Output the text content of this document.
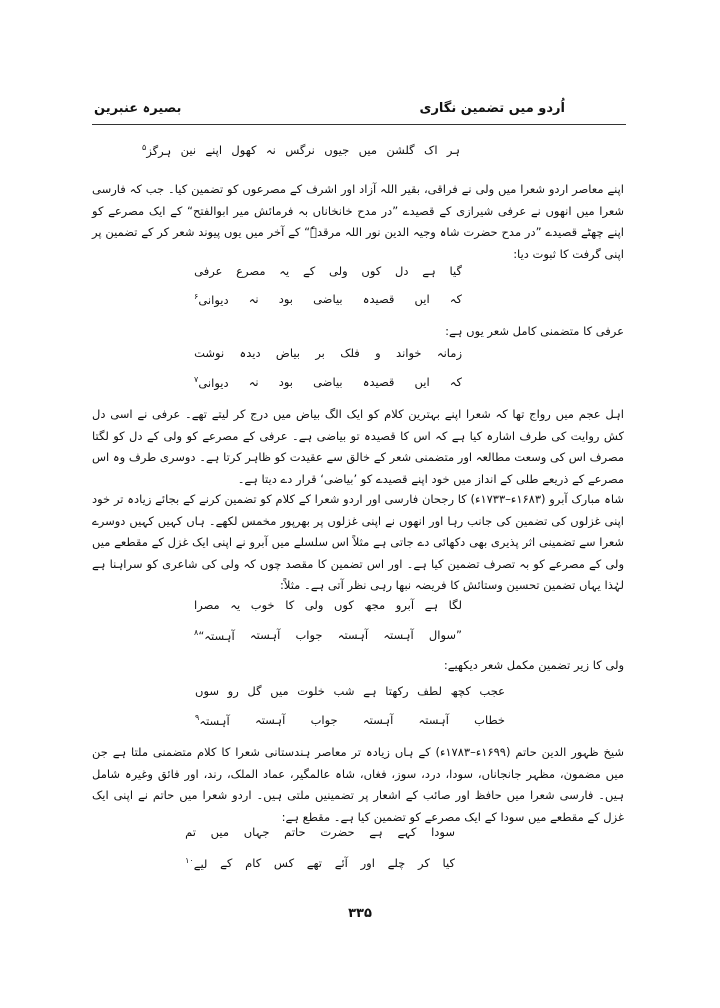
بصیرہ عنبرین	اُردو میں تضمین نگاری
ہر
اک
گلشن
میں
جیوں
نرگس
نہ
کھول
اپنے
نین
ہرگز۵
اپنے معاصر اردو شعرا میں ولی نے فراقی، بقیر اللہ آزاد اور اشرف کے مصرعوں کو تضمین کیا۔ جب کہ فارسی شعرا میں انھوں نے عرفی شیرازی کے قصیدے ”در مدح خانخاناں بہ فرمائش میر ابوالفتح“ کے ایک مصرعے کو اپنے چھٹے قصیدے ”در مدح حضرت شاہ وجیہ الدین نور اللہ مرقدہٗ“ کے آخر میں یوں پیوند شعر کر کے تضمین پر اپنی گرفت کا ثبوت دیا:
گیا
ہے
دل
کوں
ولی
کے
یہ
مصرع
عرفی
کہ
ایں
قصیدہ
بیاضی
بود
نہ
دیوانی۶
عرفی کا متضمنی کامل شعر یوں ہے:
زمانہ
خواند
و
فلک
بر
بیاض
دیدہ
نوشت
کہ
ایں
قصیدہ
بیاضی
بود
نہ
دیوانی۷
اہل عجم میں رواج تھا کہ شعرا اپنے بہترین کلام کو ایک الگ بیاض میں درج کر لیتے تھے۔ عرفی نے اسی دل کش روایت کی طرف اشارہ کیا ہے کہ اس کا قصیدہ تو بیاضی ہے۔ عرفی کے مصرعے کو ولی کے دل کو لگتا مصرف اس کی وسعت مطالعہ اور متضمنی شعر کے خالق سے عقیدت کو ظاہر کرتا ہے۔ دوسری طرف وہ اس مصرعے کے ذریعے طلی کے انداز میں خود اپنے قصیدے کو ’بیاضی‘ قرار دے دیتا ہے۔
شاہ مبارک آبرو (۱۶۸۳ء–۱۷۳۳ء) کا رجحان فارسی اور اردو شعرا کے کلام کو تضمین کرنے کے بجائے زیادہ تر خود اپنی غزلوں کی تضمین کی جانب رہا اور انھوں نے اپنی غزلوں پر بھرپور مخمس لکھے۔ ہاں کہیں کہیں دوسرے شعرا سے تضمینی اثر پذیری بھی دکھائی دے جاتی ہے مثلاً اس سلسلے میں آبرو نے اپنی ایک غزل کے مقطعے میں ولی کے مصرعے کو بہ تصرف تضمین کیا ہے۔ اور اس تضمین کا مقصد چوں کہ ولی کی شاعری کو سراہنا ہے لہٰذا یہاں تضمین تحسین وستائش کا فریضہ نبھا رہی نظر آتی ہے۔ مثلاً:
لگا
ہے
آبرو
مجھ
کوں
ولی
کا
خوب
یہ
مصرا
”سوال
آہستہ
آہستہ
جواب
آہستہ
آہستہ“۸
ولی کا زیر تضمین مکمل شعر دیکھیے:
عجب
کچھ
لطف
رکھتا
ہے
شب
خلوت
میں
گل
رو
سوں
خطاب
آہستہ
آہستہ
جواب
آہستہ
آہستہ۹
شیخ ظہور الدین حاتم (۱۶۹۹ء–۱۷۸۳ء) کے ہاں زیادہ تر معاصر ہندستانی شعرا کا کلام متضمنی ملتا ہے جن میں مضمون، مظہر جانجاناں، سودا، درد، سوز، فغاں، شاہ عالمگیر، عماد الملک، رند، اور فائق وغیرہ شامل ہیں۔ فارسی شعرا میں حافظ اور صائب کے اشعار پر تضمینیں ملتی ہیں۔ اردو شعرا میں حاتم نے اپنی ایک غزل کے مقطعے میں سودا کے ایک مصرعے کو تضمین کیا ہے۔ مقطع ہے:
سودا
کہے
ہے
حضرت
حاتم
جہاں
میں
تم
کیا
کر
چلے
اور
آئے
تھے
کس
کام
کے
لیے۱۰
۳۳۵
